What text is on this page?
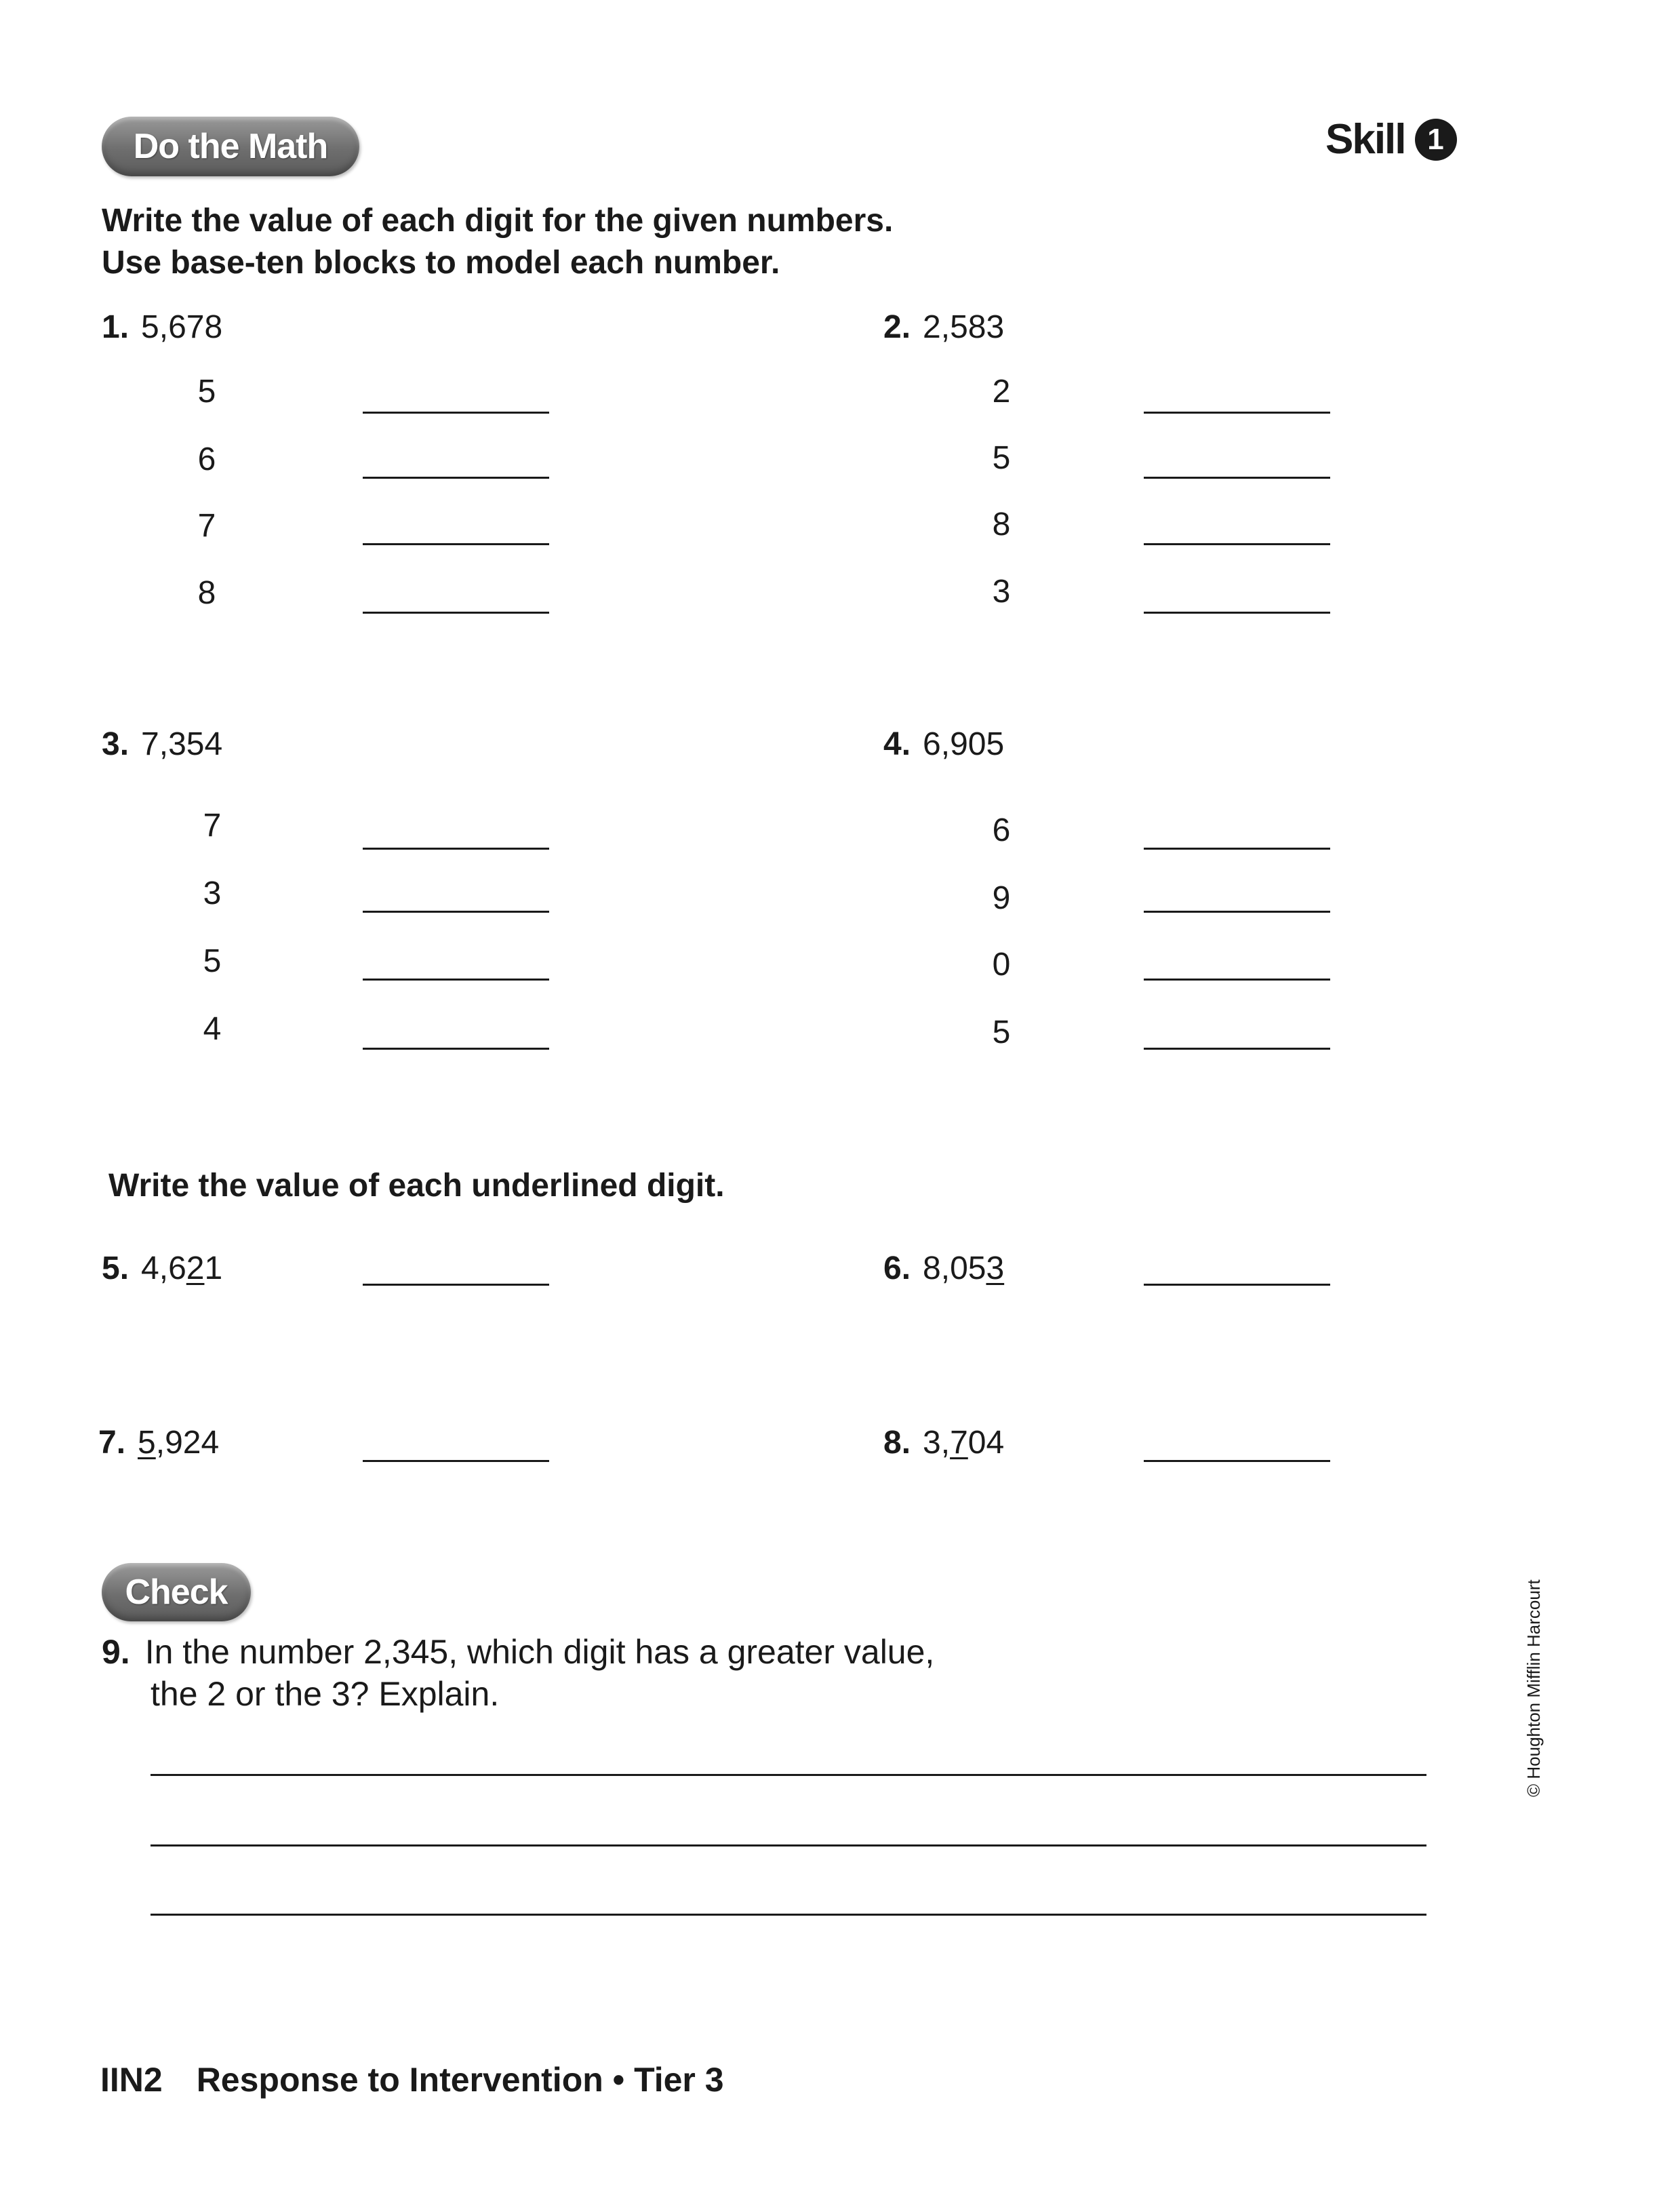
Do the Math	Skill 1
Write the value of each digit for the given numbers.
Use base-ten blocks to model each number.
1. 5,678
5
6
7
8
2. 2,583
2
5
8
3
3. 7,354
7
3
5
4
4. 6,905
6
9
0
5
Write the value of each underlined digit.
5. 4,621	6. 8,053
7. 5,924	8. 3,704
Check
9. In the number 2,345, which digit has a greater value,
the 2 or the 3? Explain.	© Houghton Mifflin Harcourt
IIN2 Response to Intervention • Tier 3
